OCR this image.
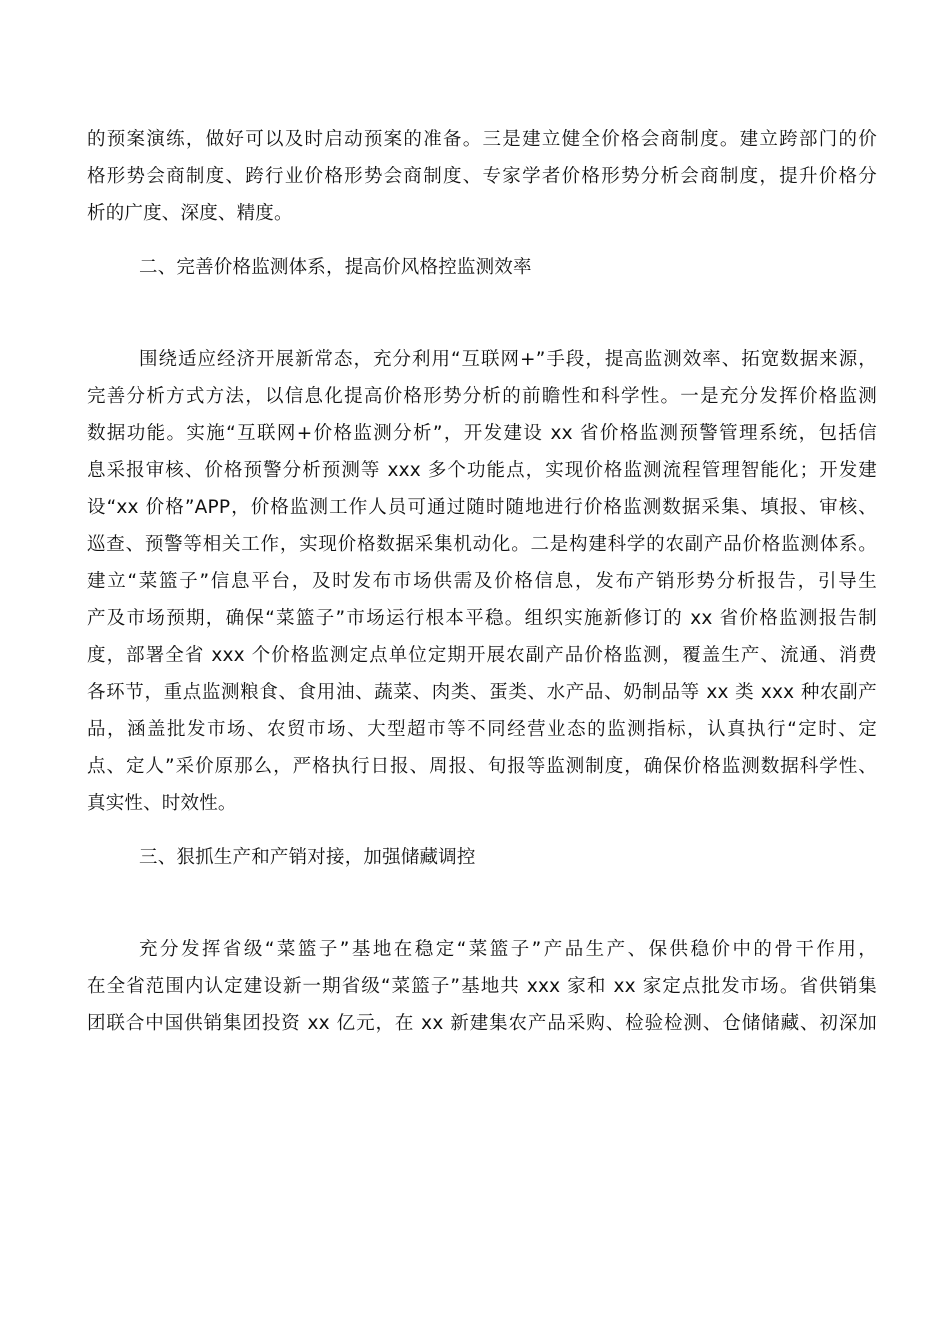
的预案演练，做好可以及时启动预案的准备。三是建立健全价格会商制度。建立跨部门的价
格形势会商制度、跨行业价格形势会商制度、专家学者价格形势分析会商制度，提升价格分
析的广度、深度、精度。
二、完善价格监测体系，提高价风格控监测效率
围绕适应经济开展新常态，充分利用“互联网+”手段，提高监测效率、拓宽数据来源，
完善分析方式方法，以信息化提高价格形势分析的前瞻性和科学性。一是充分发挥价格监测
数据功能。实施“互联网+价格监测分析”，开发建设 xx 省价格监测预警管理系统，包括信
息采报审核、价格预警分析预测等 xxx 多个功能点，实现价格监测流程管理智能化；开发建
设“xx 价格”APP，价格监测工作人员可通过随时随地进行价格监测数据采集、填报、审核、
巡查、预警等相关工作，实现价格数据采集机动化。二是构建科学的农副产品价格监测体系。
建立“菜篮子”信息平台，及时发布市场供需及价格信息，发布产销形势分析报告，引导生
产及市场预期，确保“菜篮子”市场运行根本平稳。组织实施新修订的 xx 省价格监测报告制
度，部署全省 xxx 个价格监测定点单位定期开展农副产品价格监测，覆盖生产、流通、消费
各环节，重点监测粮食、食用油、蔬菜、肉类、蛋类、水产品、奶制品等 xx 类 xxx 种农副产
品，涵盖批发市场、农贸市场、大型超市等不同经营业态的监测指标，认真执行“定时、定
点、定人”采价原那么，严格执行日报、周报、旬报等监测制度，确保价格监测数据科学性、
真实性、时效性。
三、狠抓生产和产销对接，加强储藏调控
充分发挥省级“菜篮子”基地在稳定“菜篮子”产品生产、保供稳价中的骨干作用，
在全省范围内认定建设新一期省级“菜篮子”基地共 xxx 家和 xx 家定点批发市场。省供销集
团联合中国供销集团投资 xx 亿元，在 xx 新建集农产品采购、检验检测、仓储储藏、初深加
